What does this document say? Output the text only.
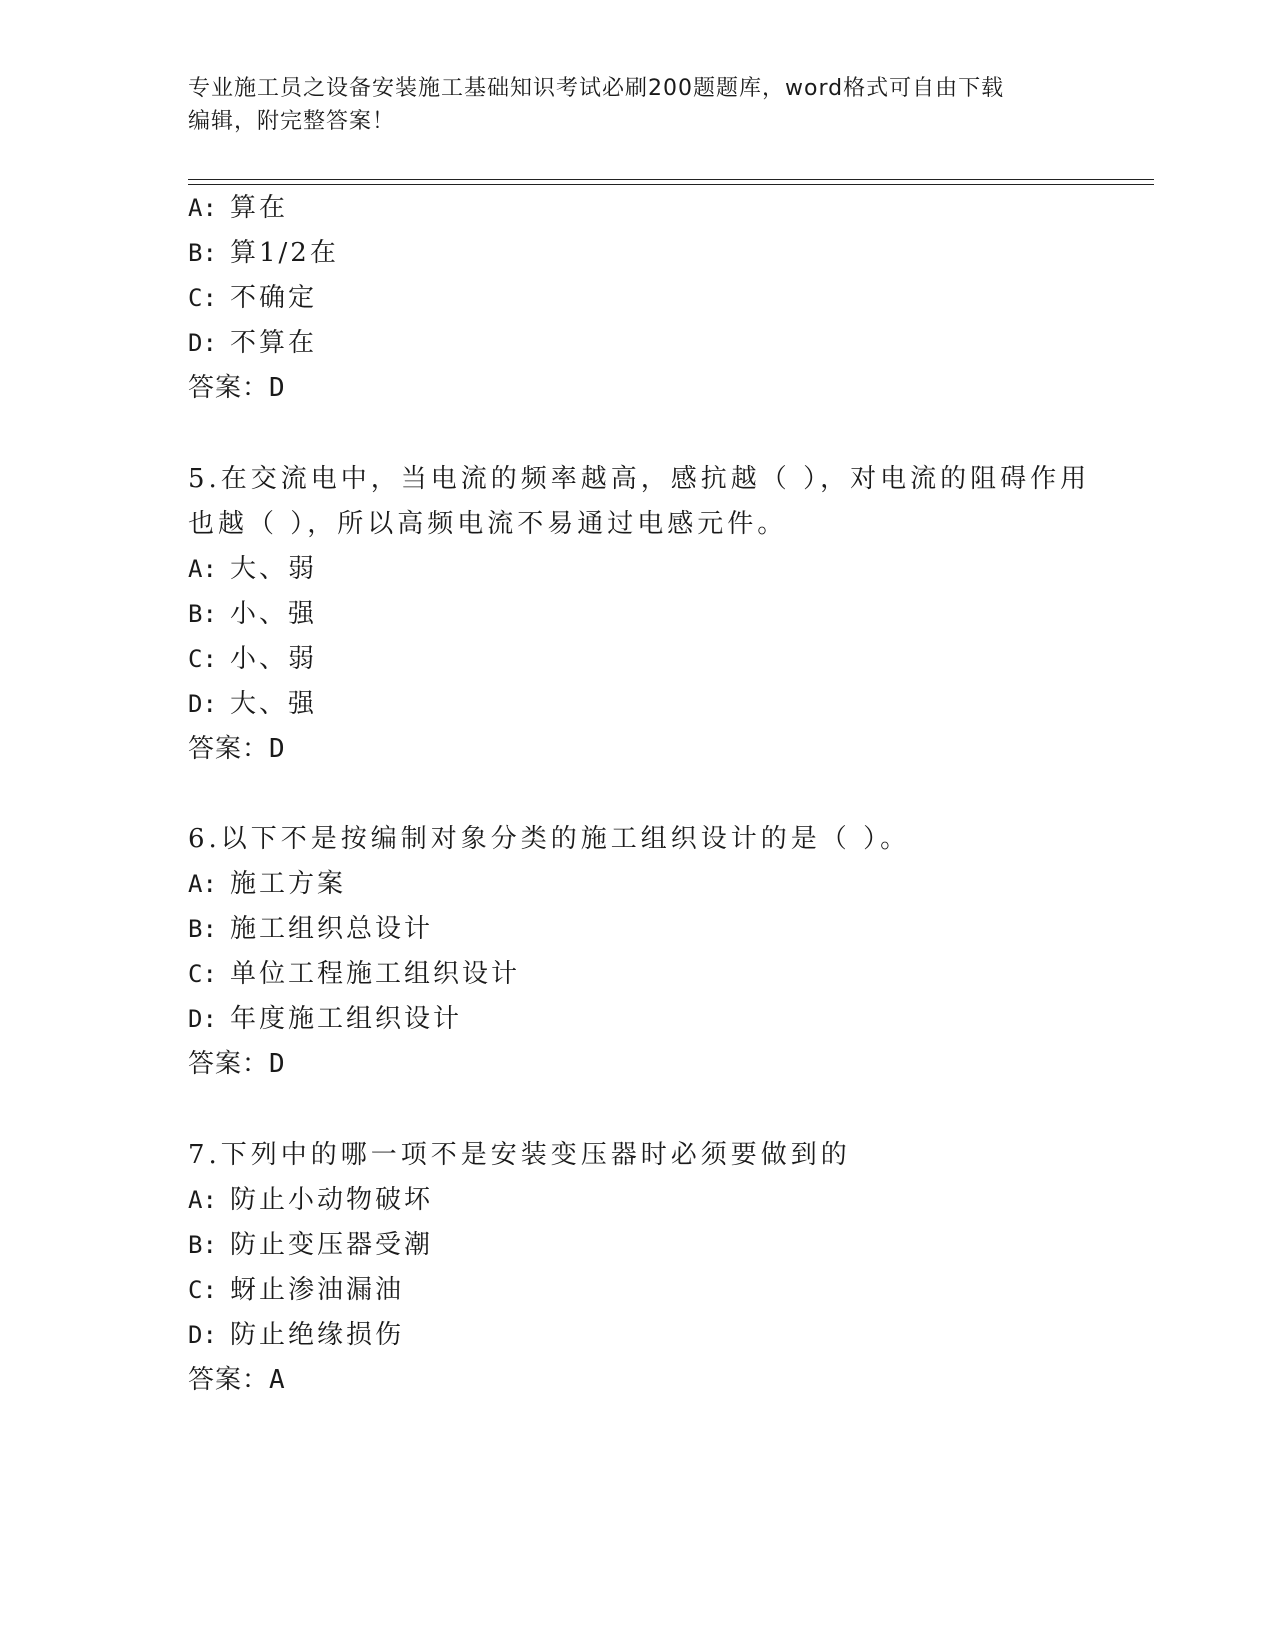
专业施工员之设备安装施工基础知识考试必刷200题题库，word格式可自由下载
编辑，附完整答案！
A: 算在
B: 算1/2在
C: 不确定
D: 不算在
答案：D
5.在交流电中，当电流的频率越高，感抗越（ ），对电流的阻碍作用
也越（ ），所以高频电流不易通过电感元件。
A: 大、弱
B: 小、强
C: 小、弱
D: 大、强
答案：D
6.以下不是按编制对象分类的施工组织设计的是（ ）。
A: 施工方案
B: 施工组织总设计
C: 单位工程施工组织设计
D: 年度施工组织设计
答案：D
7.下列中的哪一项不是安装变压器时必须要做到的
A: 防止小动物破坏
B: 防止变压器受潮
C: 蚜止渗油漏油
D: 防止绝缘损伤
答案：A
